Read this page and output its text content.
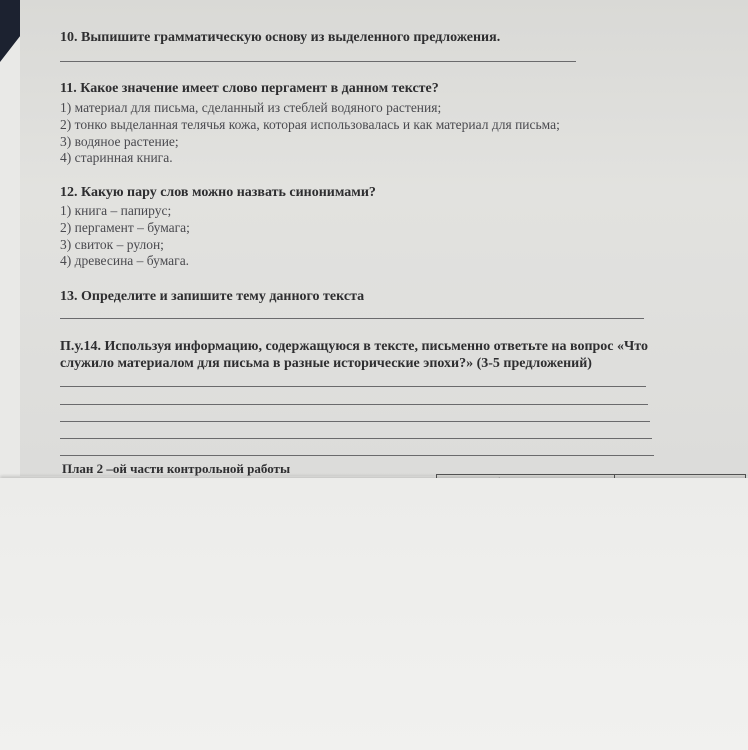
10. Выпишите грамматическую основу из выделенного предложения.
11. Какое значение имеет слово пергамент в данном тексте?
1) материал для письма, сделанный из стеблей водяного растения;
2) тонко выделанная телячья кожа, которая использовалась и как материал для письма;
3) водяное растение;
4) старинная книга.
12. Какую пару слов можно назвать синонимами?
1) книга – папирус;
2) пергамент – бумага;
3) свиток – рулон;
4) древесина – бумага.
13. Определите и запишите тему данного текста
П.у.14. Используя информацию, содержащуюся в тексте, письменно ответьте на вопрос «Что
служило материалом для письма в разные исторические эпохи?» (3-5 предложений)
План 2 –ой части контрольной работы
